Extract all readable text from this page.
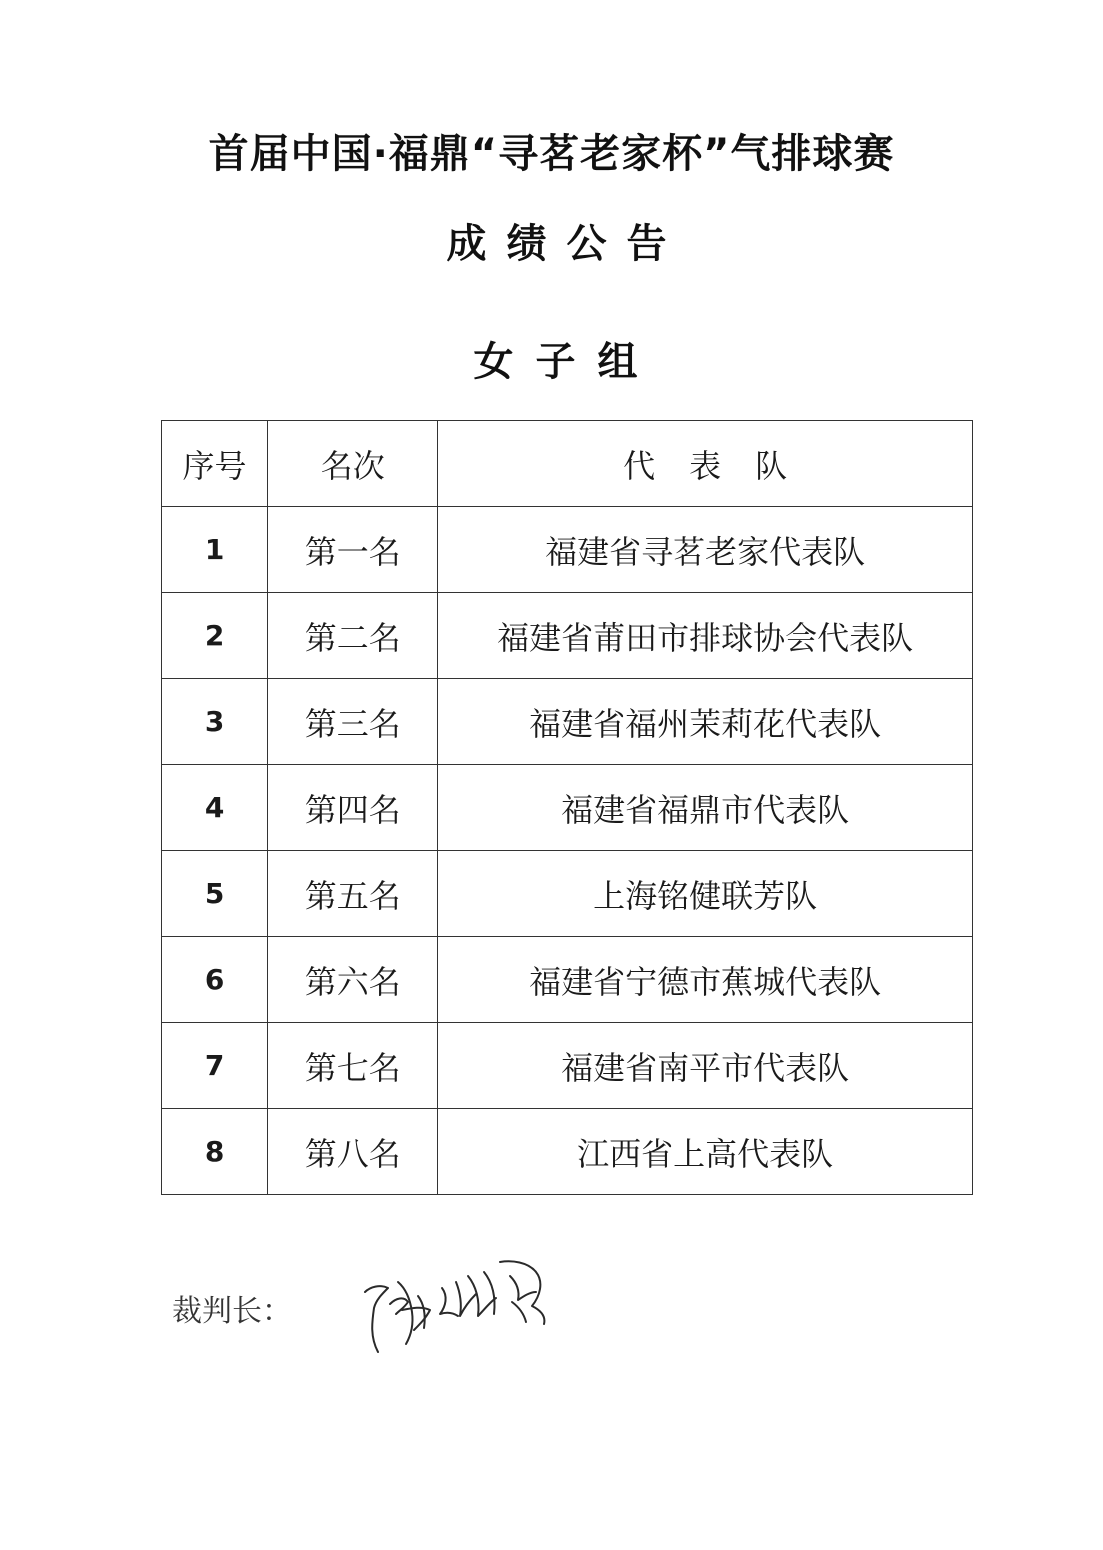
首届中国·福鼎“寻茗老家杯”气排球赛
成绩公告
女子组
序号	名次	代表队
1	第一名	福建省寻茗老家代表队
2	第二名	福建省莆田市排球协会代表队
3	第三名	福建省福州茉莉花代表队
4	第四名	福建省福鼎市代表队
5	第五名	上海铭健联芳队
6	第六名	福建省宁德市蕉城代表队
7	第七名	福建省南平市代表队
8	第八名	江西省上高代表队
裁判长：
